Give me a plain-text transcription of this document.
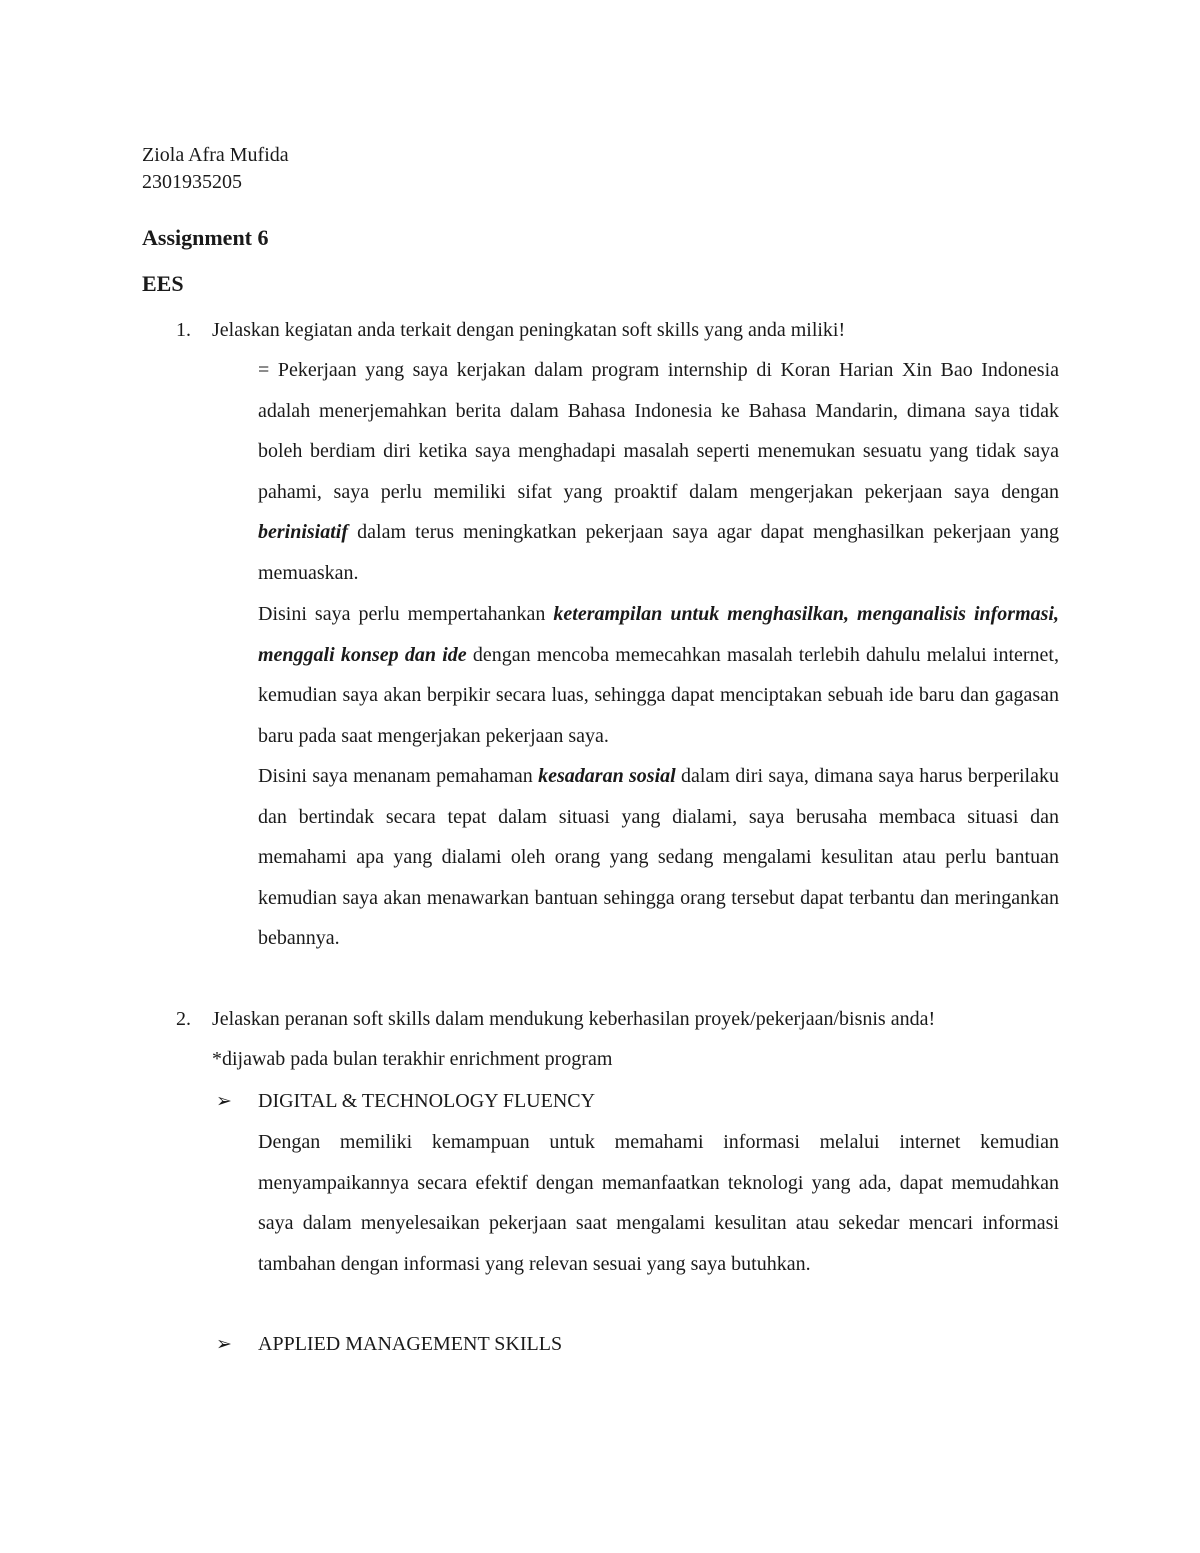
Ziola Afra Mufida
2301935205
Assignment 6
EES
1. Jelaskan kegiatan anda terkait dengan peningkatan soft skills yang anda miliki!
= Pekerjaan yang saya kerjakan dalam program internship di Koran Harian Xin Bao Indonesia adalah menerjemahkan berita dalam Bahasa Indonesia ke Bahasa Mandarin, dimana saya tidak boleh berdiam diri ketika saya menghadapi masalah seperti menemukan sesuatu yang tidak saya pahami, saya perlu memiliki sifat yang proaktif dalam mengerjakan pekerjaan saya dengan berinisiatif dalam terus meningkatkan pekerjaan saya agar dapat menghasilkan pekerjaan yang memuaskan.
Disini saya perlu mempertahankan keterampilan untuk menghasilkan, menganalisis informasi, menggali konsep dan ide dengan mencoba memecahkan masalah terlebih dahulu melalui internet, kemudian saya akan berpikir secara luas, sehingga dapat menciptakan sebuah ide baru dan gagasan baru pada saat mengerjakan pekerjaan saya.
Disini saya menanam pemahaman kesadaran sosial dalam diri saya, dimana saya harus berperilaku dan bertindak secara tepat dalam situasi yang dialami, saya berusaha membaca situasi dan memahami apa yang dialami oleh orang yang sedang mengalami kesulitan atau perlu bantuan kemudian saya akan menawarkan bantuan sehingga orang tersebut dapat terbantu dan meringankan bebannya.
2. Jelaskan peranan soft skills dalam mendukung keberhasilan proyek/pekerjaan/bisnis anda!
*dijawab pada bulan terakhir enrichment program
➢ DIGITAL & TECHNOLOGY FLUENCY
Dengan memiliki kemampuan untuk memahami informasi melalui internet kemudian menyampaikannya secara efektif dengan memanfaatkan teknologi yang ada, dapat memudahkan saya dalam menyelesaikan pekerjaan saat mengalami kesulitan atau sekedar mencari informasi tambahan dengan informasi yang relevan sesuai yang saya butuhkan.
➢ APPLIED MANAGEMENT SKILLS
